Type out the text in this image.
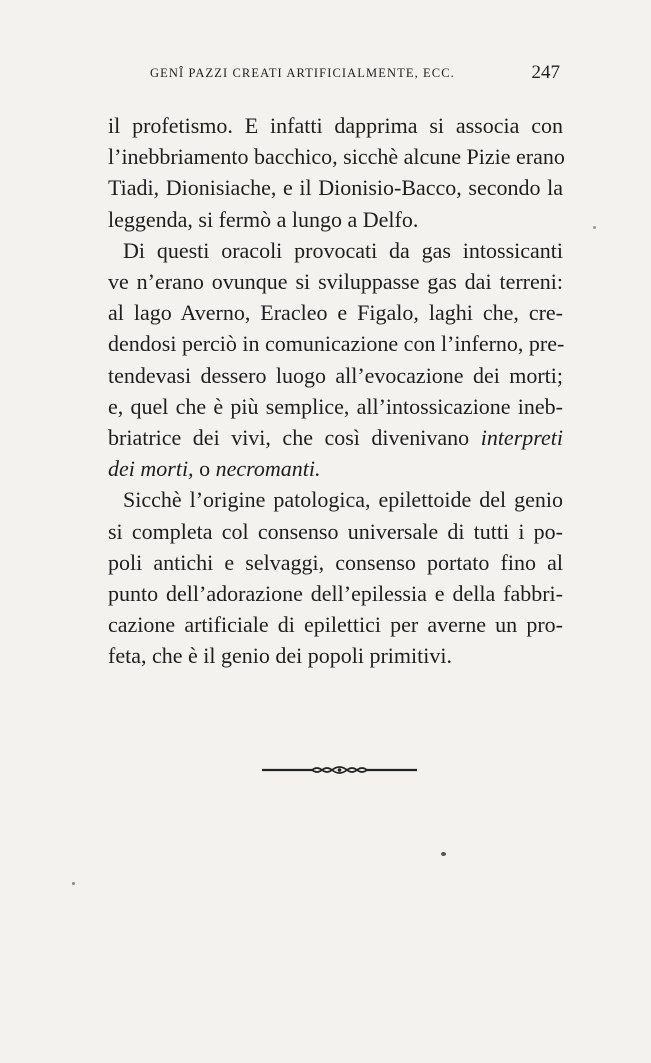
GENÎ PAZZI CREATI ARTIFICIALMENTE, ECC.	247

il profetismo. E infatti dapprima si associa con
l’inebbriamento bacchico, sicchè alcune Pizie erano
Tiadi, Dionisiache, e il Dionisio-Bacco, secondo la
leggenda, si fermò a lungo a Delfo.

Di questi oracoli provocati da gas intossicanti
ve n’erano ovunque si sviluppasse gas dai terreni:
al lago Averno, Eracleo e Figalo, laghi che, cre-
dendosi perciò in comunicazione con l’inferno, pre-
tendevasi dessero luogo all’evocazione dei morti;
e, quel che è più semplice, all’intossicazione ineb-
briatrice dei vivi, che così divenivano interpreti
dei morti, o necromanti.

Sicchè l’origine patologica, epilettoide del genio
si completa col consenso universale di tutti i po-
poli antichi e selvaggi, consenso portato fino al
punto dell’adorazione dell’epilessia e della fabbri-
cazione artificiale di epilettici per averne un pro-
feta, che è il genio dei popoli primitivi.
